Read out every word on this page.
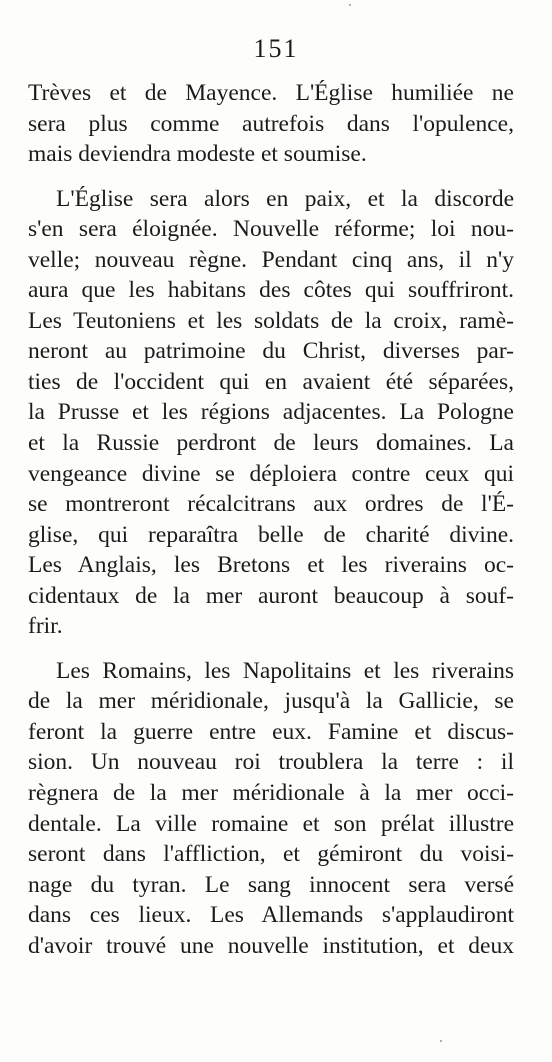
151
Trèves et de Mayence. L'Église humiliée ne
sera plus comme autrefois dans l'opulence,
mais deviendra modeste et soumise.
L'Église sera alors en paix, et la discorde
s'en sera éloignée. Nouvelle réforme; loi nou-
velle; nouveau règne. Pendant cinq ans, il n'y
aura que les habitans des côtes qui souffriront.
Les Teutoniens et les soldats de la croix, ramè-
neront au patrimoine du Christ, diverses par-
ties de l'occident qui en avaient été séparées,
la Prusse et les régions adjacentes. La Pologne
et la Russie perdront de leurs domaines. La
vengeance divine se déploiera contre ceux qui
se montreront récalcitrans aux ordres de l'É-
glise, qui reparaîtra belle de charité divine.
Les Anglais, les Bretons et les riverains oc-
cidentaux de la mer auront beaucoup à souf-
frir.
Les Romains, les Napolitains et les riverains
de la mer méridionale, jusqu'à la Gallicie, se
feront la guerre entre eux. Famine et discus-
sion. Un nouveau roi troublera la terre : il
règnera de la mer méridionale à la mer occi-
dentale. La ville romaine et son prélat illustre
seront dans l'affliction, et gémiront du voisi-
nage du tyran. Le sang innocent sera versé
dans ces lieux. Les Allemands s'applaudiront
d'avoir trouvé une nouvelle institution, et deux
